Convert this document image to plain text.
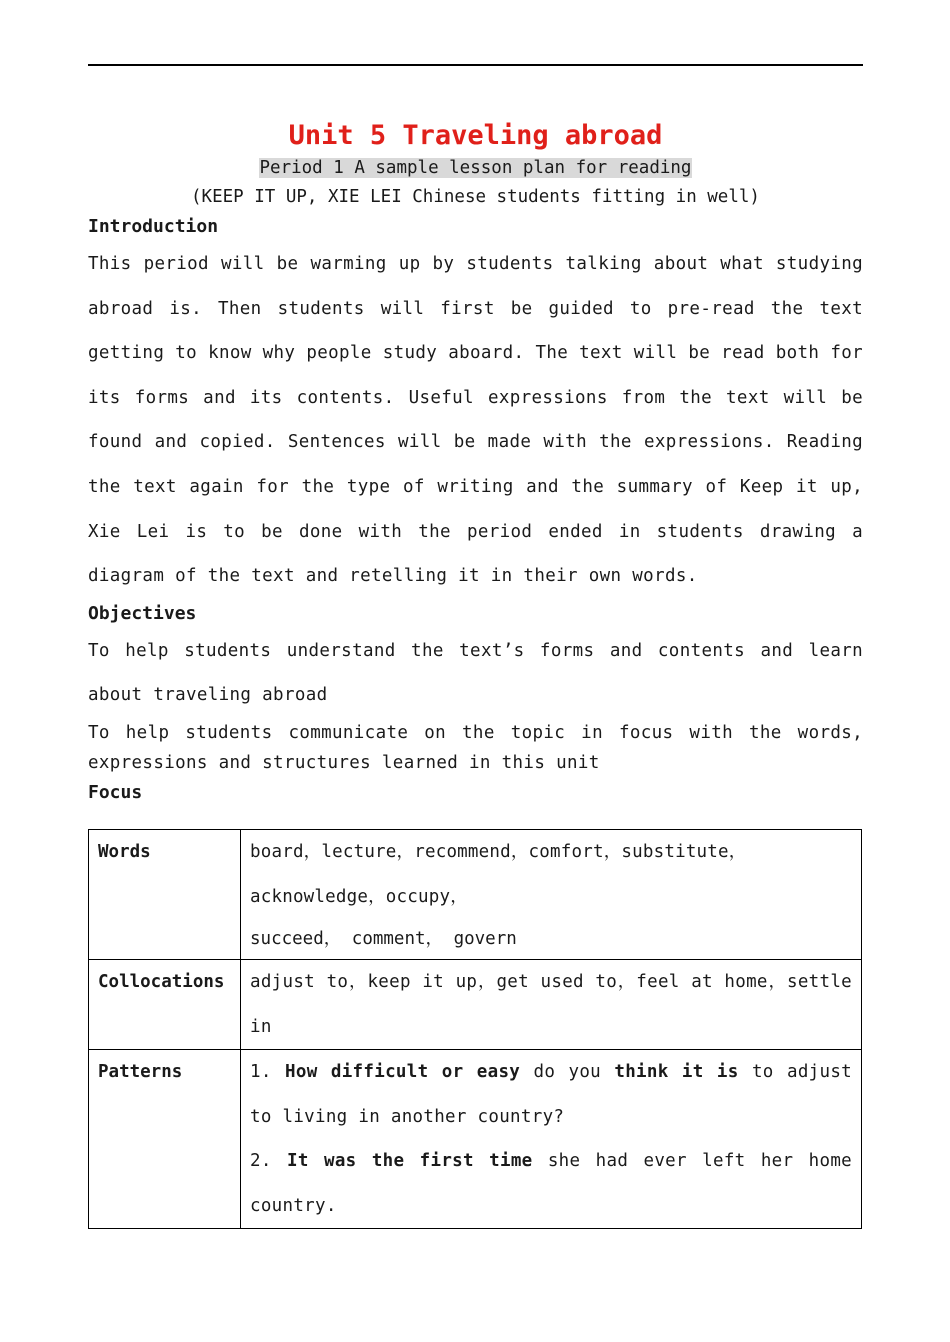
Unit 5 Traveling abroad

Period 1 A sample lesson plan for reading

(KEEP IT UP, XIE LEI Chinese students fitting in well)

Introduction

This period will be warming up by students talking about what studying abroad is. Then students will first be guided to pre-read the text getting to know why people study aboard. The text will be read both for its forms and its contents. Useful expressions from the text will be found and copied. Sentences will be made with the expressions. Reading the text again for the type of writing and the summary of Keep it up, Xie Lei is to be done with the period ended in students drawing a diagram of the text and retelling it in their own words.

Objectives

To help students understand the text’s forms and contents and learn about traveling abroad

To help students communicate on the topic in focus with the words, expressions and structures learned in this unit

Focus

Words	board，lecture，recommend，comfort，substitute，acknowledge，occupy，
succeed， comment， govern

Collocations	adjust to，keep it up，get used to，feel at home，settle in

Patterns	1. How difficult or easy do you think it is to adjust to living in another country?

2. It was the first time she had ever left her home country.
